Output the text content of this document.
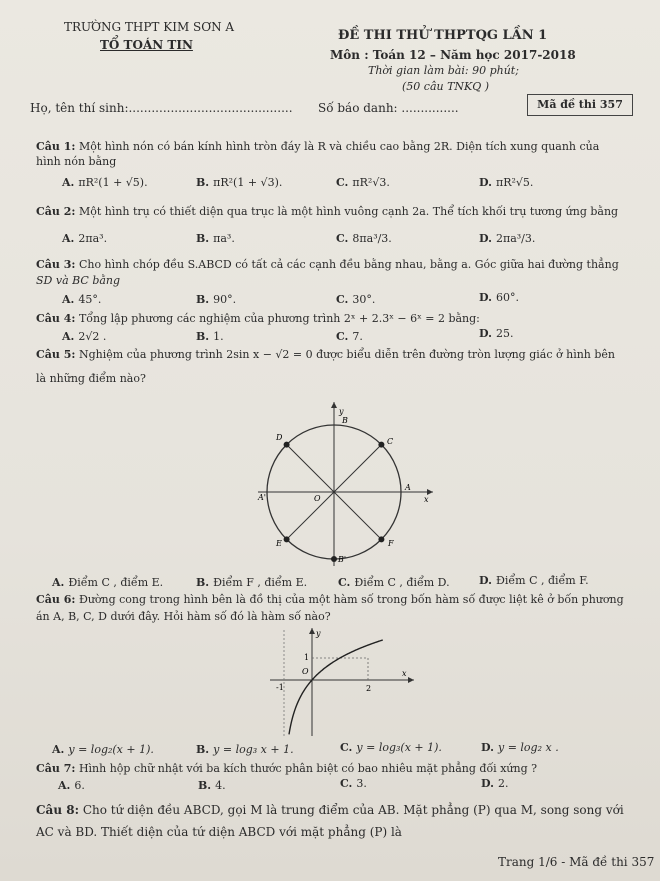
TRƯỜNG THPT KIM SƠN A
TỔ TOÁN TIN
ĐỀ THI THỬ THPTQG LẦN 1
Môn : Toán 12 – Năm học 2017-2018
Thời gian làm bài: 90 phút;
(50 câu TNKQ )
Họ, tên thí sinh:........................................... Số báo danh: ...............	Mã đề thi 357
Câu 1: Một hình nón có bán kính hình tròn đáy là R và chiều cao bằng 2R. Diện tích xung quanh của
hình nón bằng
A. πR²(1 + √5).	B. πR²(1 + √3).	C. πR²√3.	D. πR²√5.
Câu 2: Một hình trụ có thiết diện qua trục là một hình vuông cạnh 2a. Thể tích khối trụ tương ứng bằng
A. 2πa³.	B. πa³.	C. 8πa³/3.	D. 2πa³/3.
Câu 3: Cho hình chóp đều S.ABCD có tất cả các cạnh đều bằng nhau, bằng a. Góc giữa hai đường thẳng
SD và BC bằng
A. 45°.	B. 90°.	C. 30°.	D. 60°.
Câu 4: Tổng lập phương các nghiệm của phương trình 2ˣ + 2.3ˣ − 6ˣ = 2 bằng:
A. 2√2 .	B. 1.	C. 7.	D. 25.
Câu 5: Nghiệm của phương trình 2sin x − √2 = 0 được biểu diễn trên đường tròn lượng giác ở hình bên
là những điểm nào?
y
x
A
A'
B
B'
C
D
E	F
O
A. Điểm C , điểm E.	B. Điểm F , điểm E.	C. Điểm C , điểm D.	D. Điểm C , điểm F.
Câu 6: Đường cong trong hình bên là đồ thị của một hàm số trong bốn hàm số được liệt kê ở bốn phương
án A, B, C, D dưới đây. Hỏi hàm số đó là hàm số nào?
y
x
1
O
-1	2
A. y = log₂(x + 1).	B. y = log₃ x + 1.	C. y = log₃(x + 1).	D. y = log₂ x .
Câu 7: Hình hộp chữ nhật với ba kích thước phân biệt có bao nhiêu mặt phẳng đối xứng ?
A. 6.	B. 4.	C. 3.	D. 2.
Câu 8: Cho tứ diện đều ABCD, gọi M là trung điểm của AB. Mặt phẳng (P) qua M, song song với
AC và BD. Thiết diện của tứ diện ABCD với mặt phẳng (P) là
Trang 1/6 - Mã đề thi 357
